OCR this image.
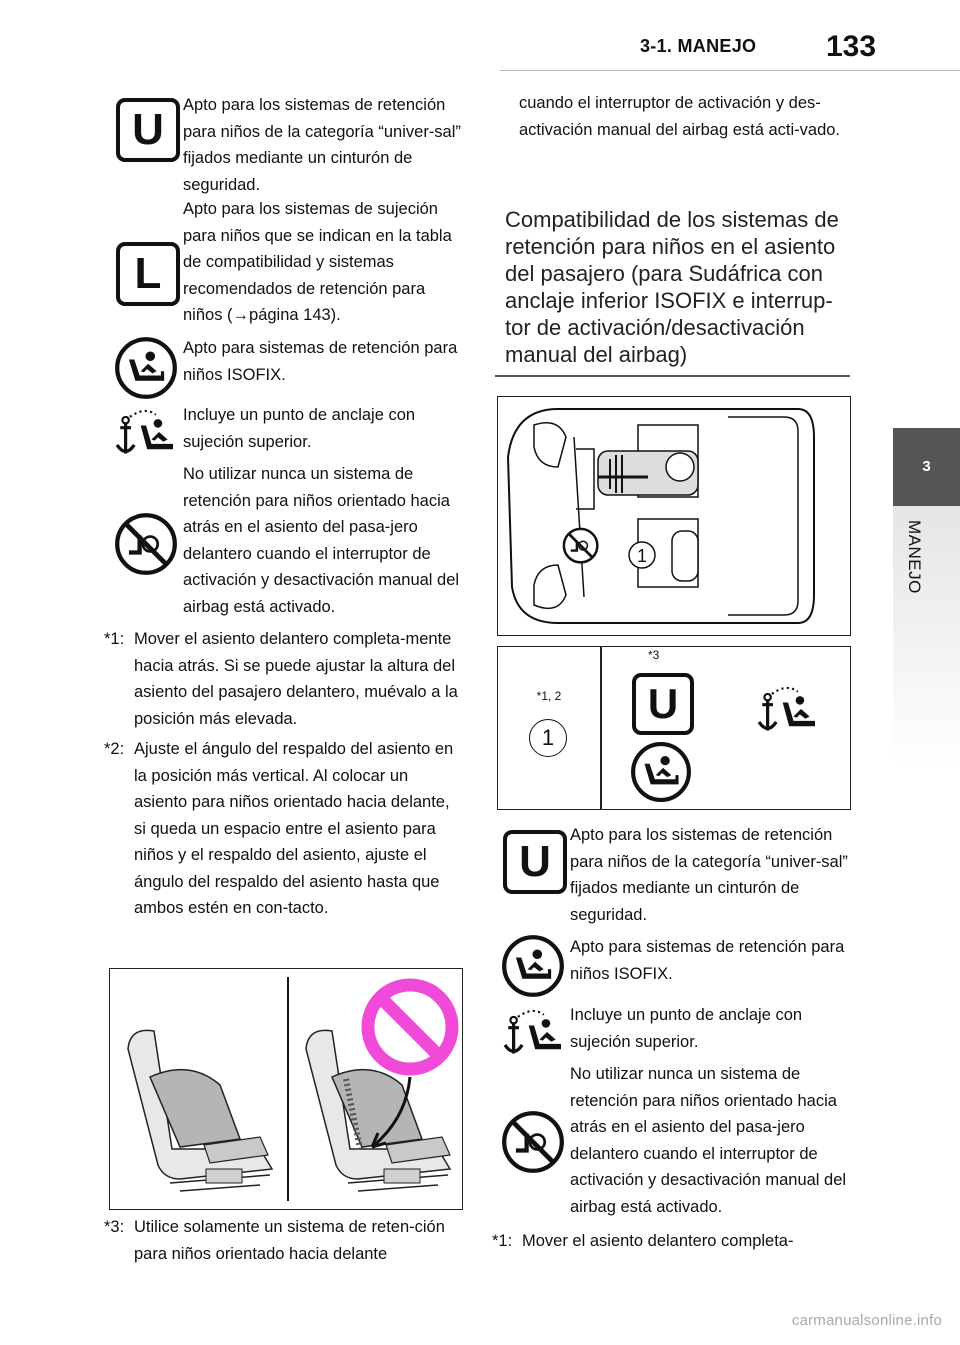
3-1. MANEJO 133
3
MANEJO
U	Apto para los sistemas de retención para niños de la categoría “univer-sal” fijados mediante un cinturón de seguridad.
L
Apto para los sistemas de sujeción para niños que se indican en la tabla de compatibilidad y sistemas recomendados de retención para niños (→página 143).
Apto para sistemas de retención para niños ISOFIX.
Incluye un punto de anclaje con sujeción superior.
No utilizar nunca un sistema de retención para niños orientado hacia atrás en el asiento del pasa-jero delantero cuando el interruptor de activación y desactivación manual del airbag está activado.
*1: Mover el asiento delantero completa-mente hacia atrás. Si se puede ajustar la altura del asiento del pasajero delantero, muévalo a la posición más elevada.
*2: Ajuste el ángulo del respaldo del asiento en la posición más vertical. Al colocar un asiento para niños orientado hacia delante, si queda un espacio entre el asiento para niños y el respaldo del asiento, ajuste el ángulo del respaldo del asiento hasta que ambos estén en con-tacto.
*3: Utilice solamente un sistema de reten-ción para niños orientado hacia delante
cuando el interruptor de activación y des-activación manual del airbag está acti-vado.
Compatibilidad de los sistemas de retención para niños en el asiento del pasajero (para Sudáfrica con anclaje inferior ISOFIX e interrup-tor de activación/desactivación manual del airbag)
1
*1, 2
1
*3
U
U
Apto para los sistemas de retención para niños de la categoría “univer-sal” fijados mediante un cinturón de seguridad.
Apto para sistemas de retención para niños ISOFIX.
Incluye un punto de anclaje con sujeción superior.
No utilizar nunca un sistema de retención para niños orientado hacia atrás en el asiento del pasa-jero delantero cuando el interruptor de activación y desactivación manual del airbag está activado.
*1: Mover el asiento delantero completa-
carmanualsonline.info
